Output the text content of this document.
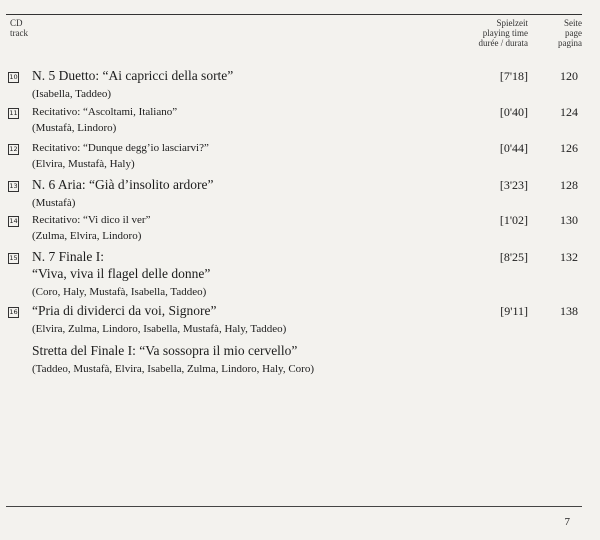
CD
track
Spielzeit
playing time
durée / durata
Seite
page
pagina
10 N. 5 Duetto: “Ai capricci della sorte”
(Isabella, Taddeo)
[7'18]	120
11 Recitativo: “Ascoltami, Italiano”
(Mustafà, Lindoro)
[0'40]	124
12 Recitativo: “Dunque degg’io lasciarvi?”
(Elvira, Mustafà, Haly)
[0'44]	126
13 N. 6 Aria: “Già d’insolito ardore”
(Mustafà)
[3'23]	128
14 Recitativo: “Vi dico il ver”
(Zulma, Elvira, Lindoro)
[1'02]	130
15 N. 7 Finale I:
“Viva, viva il flagel delle donne”
(Coro, Haly, Mustafà, Isabella, Taddeo)
[8'25]	132
16 “Pria di dividerci da voi, Signore”
(Elvira, Zulma, Lindoro, Isabella, Mustafà, Haly, Taddeo)
[9'11]	138
Stretta del Finale I: “Va sossopra il mio cervello”
(Taddeo, Mustafà, Elvira, Isabella, Zulma, Lindoro, Haly, Coro)
7
